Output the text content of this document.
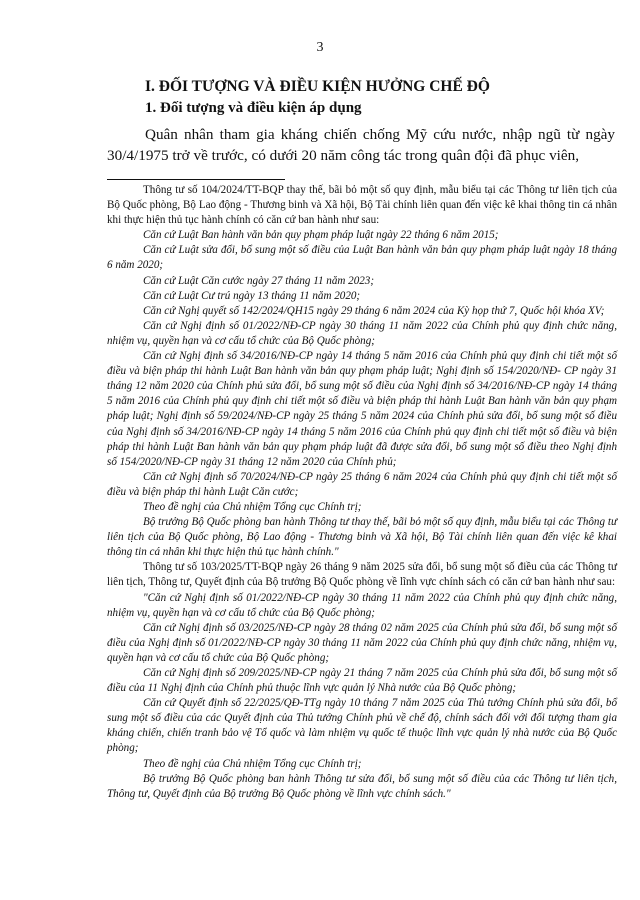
3
I. ĐỐI TƯỢNG VÀ ĐIỀU KIỆN HƯỞNG CHẾ ĐỘ
1. Đối tượng và điều kiện áp dụng

Quân nhân tham gia kháng chiến chống Mỹ cứu nước, nhập ngũ từ ngày 30/4/1975 trở về trước, có dưới 20 năm công tác trong quân đội đã phục viên,

Thông tư số 104/2024/TT-BQP thay thế, bãi bỏ một số quy định, mẫu biểu tại các Thông tư liên tịch của Bộ Quốc phòng, Bộ Lao động - Thương binh và Xã hội, Bộ Tài chính liên quan đến việc kê khai thông tin cá nhân khi thực hiện thủ tục hành chính có căn cứ ban hành như sau:

Căn cứ Luật Ban hành văn bản quy phạm pháp luật ngày 22 tháng 6 năm 2015;

Căn cứ Luật sửa đổi, bổ sung một số điều của Luật Ban hành văn bản quy phạm pháp luật ngày 18 tháng 6 năm 2020;

Căn cứ Luật Căn cước ngày 27 tháng 11 năm 2023;

Căn cứ Luật Cư trú ngày 13 tháng 11 năm 2020;

Căn cứ Nghị quyết số 142/2024/QH15 ngày 29 tháng 6 năm 2024 của Kỳ họp thứ 7, Quốc hội khóa XV;

Căn cứ Nghị định số 01/2022/NĐ-CP ngày 30 tháng 11 năm 2022 của Chính phủ quy định chức năng, nhiệm vụ, quyền hạn và cơ cấu tổ chức của Bộ Quốc phòng;

Căn cứ Nghị định số 34/2016/NĐ-CP ngày 14 tháng 5 năm 2016 của Chính phủ quy định chi tiết một số điều và biện pháp thi hành Luật Ban hành văn bản quy phạm pháp luật; Nghị định số 154/2020/NĐ- CP ngày 31 tháng 12 năm 2020 của Chính phủ sửa đổi, bổ sung một số điều của Nghị định số 34/2016/NĐ-CP ngày 14 tháng 5 năm 2016 của Chính phủ quy định chi tiết một số điều và biện pháp thi hành Luật Ban hành văn bản quy phạm pháp luật; Nghị định số 59/2024/NĐ-CP ngày 25 tháng 5 năm 2024 của Chính phủ sửa đổi, bổ sung một số điều của Nghị định số 34/2016/NĐ-CP ngày 14 tháng 5 năm 2016 của Chính phủ quy định chi tiết một số điều và biện pháp thi hành Luật Ban hành văn bản quy phạm pháp luật đã được sửa đổi, bổ sung một số điều theo Nghị định số 154/2020/NĐ-CP ngày 31 tháng 12 năm 2020 của Chính phủ;

Căn cứ Nghị định số 70/2024/NĐ-CP ngày 25 tháng 6 năm 2024 của Chính phủ quy định chi tiết một số điều và biện pháp thi hành Luật Căn cước;

Theo đề nghị của Chủ nhiệm Tổng cục Chính trị;

Bộ trưởng Bộ Quốc phòng ban hành Thông tư thay thế, bãi bỏ một số quy định, mẫu biểu tại các Thông tư liên tịch của Bộ Quốc phòng, Bộ Lao động - Thương binh và Xã hội, Bộ Tài chính liên quan đến việc kê khai thông tin cá nhân khi thực hiện thủ tục hành chính."

Thông tư số 103/2025/TT-BQP ngày 26 tháng 9 năm 2025 sửa đổi, bổ sung một số điều của các Thông tư liên tịch, Thông tư, Quyết định của Bộ trưởng Bộ Quốc phòng về lĩnh vực chính sách có căn cứ ban hành như sau:

"Căn cứ Nghị định số 01/2022/NĐ-CP ngày 30 tháng 11 năm 2022 của Chính phủ quy định chức năng, nhiệm vụ, quyền hạn và cơ cấu tổ chức của Bộ Quốc phòng;

Căn cứ Nghị định số 03/2025/NĐ-CP ngày 28 tháng 02 năm 2025 của Chính phủ sửa đổi, bổ sung một số điều của Nghị định số 01/2022/NĐ-CP ngày 30 tháng 11 năm 2022 của Chính phủ quy định chức năng, nhiệm vụ, quyền hạn và cơ cấu tổ chức của Bộ Quốc phòng;

Căn cứ Nghị định số 209/2025/NĐ-CP ngày 21 tháng 7 năm 2025 của Chính phủ sửa đổi, bổ sung một số điều của 11 Nghị định của Chính phủ thuộc lĩnh vực quản lý Nhà nước của Bộ Quốc phòng;

Căn cứ Quyết định số 22/2025/QĐ-TTg ngày 10 tháng 7 năm 2025 của Thủ tướng Chính phủ sửa đổi, bổ sung một số điều của các Quyết định của Thủ tướng Chính phủ về chế độ, chính sách đối với đối tượng tham gia kháng chiến, chiến tranh bảo vệ Tổ quốc và làm nhiệm vụ quốc tế thuộc lĩnh vực quản lý nhà nước của Bộ Quốc phòng;

Theo đề nghị của Chủ nhiệm Tổng cục Chính trị;

Bộ trưởng Bộ Quốc phòng ban hành Thông tư sửa đổi, bổ sung một số điều của các Thông tư liên tịch, Thông tư, Quyết định của Bộ trưởng Bộ Quốc phòng về lĩnh vực chính sách."
